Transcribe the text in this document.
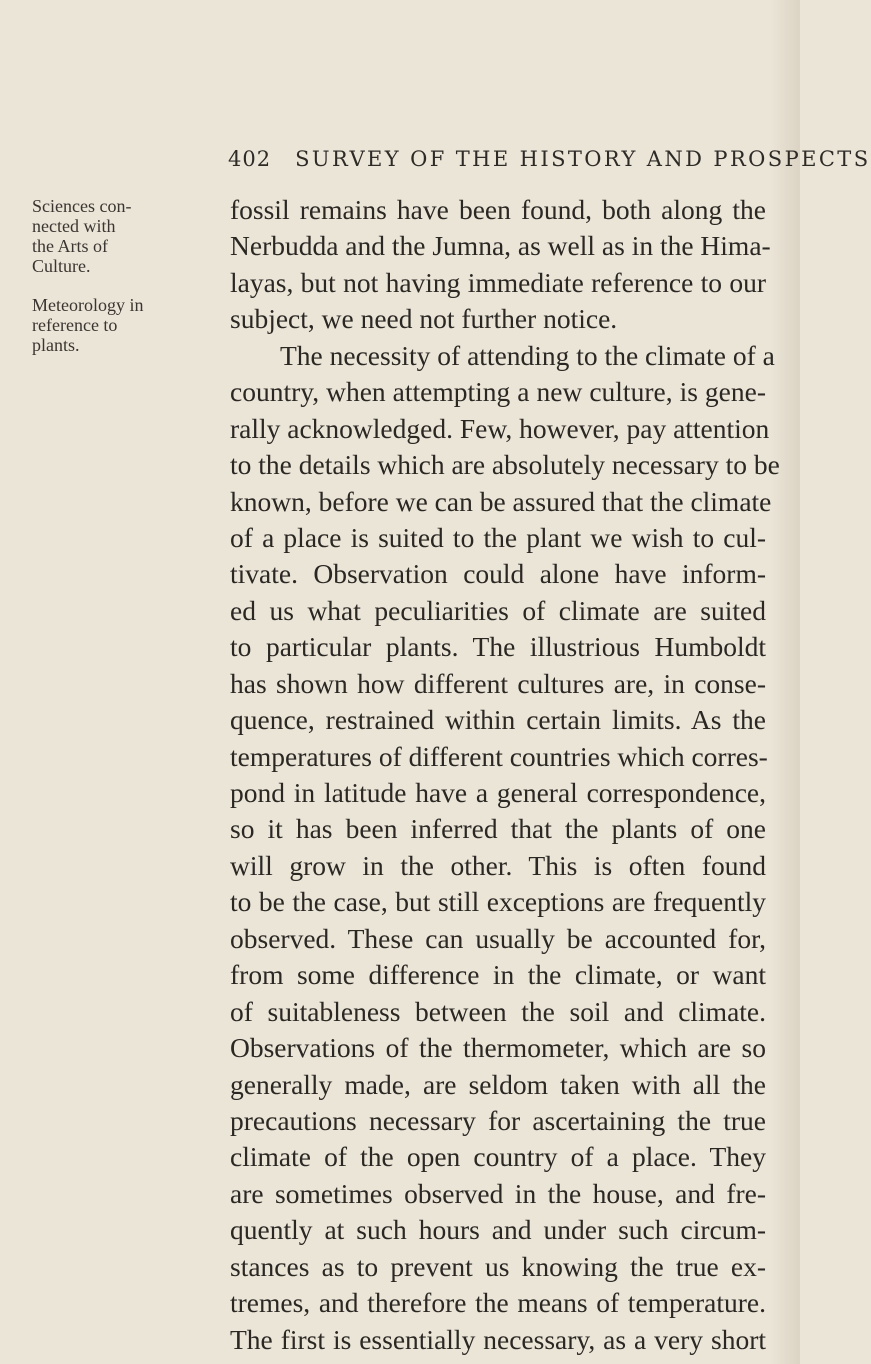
402 SURVEY OF THE HISTORY AND PROSPECTS
Sciences con-
nected with
the Arts of
Culture.
Meteorology in
reference to
plants.
fossil remains have been found, both along the
Nerbudda and the Jumna, as well as in the Hima-
layas, but not having immediate reference to our
subject, we need not further notice.
The necessity of attending to the climate of a
country, when attempting a new culture, is gene-
rally acknowledged. Few, however, pay attention
to the details which are absolutely necessary to be
known, before we can be assured that the climate
of a place is suited to the plant we wish to cul-
tivate. Observation could alone have inform-
ed us what peculiarities of climate are suited
to particular plants. The illustrious Humboldt
has shown how different cultures are, in conse-
quence, restrained within certain limits. As the
temperatures of different countries which corres-
pond in latitude have a general correspondence,
so it has been inferred that the plants of one
will grow in the other. This is often found
to be the case, but still exceptions are frequently
observed. These can usually be accounted for,
from some difference in the climate, or want
of suitableness between the soil and climate.
Observations of the thermometer, which are so
generally made, are seldom taken with all the
precautions necessary for ascertaining the true
climate of the open country of a place. They
are sometimes observed in the house, and fre-
quently at such hours and under such circum-
stances as to prevent us knowing the true ex-
tremes, and therefore the means of temperature.
The first is essentially necessary, as a very short
